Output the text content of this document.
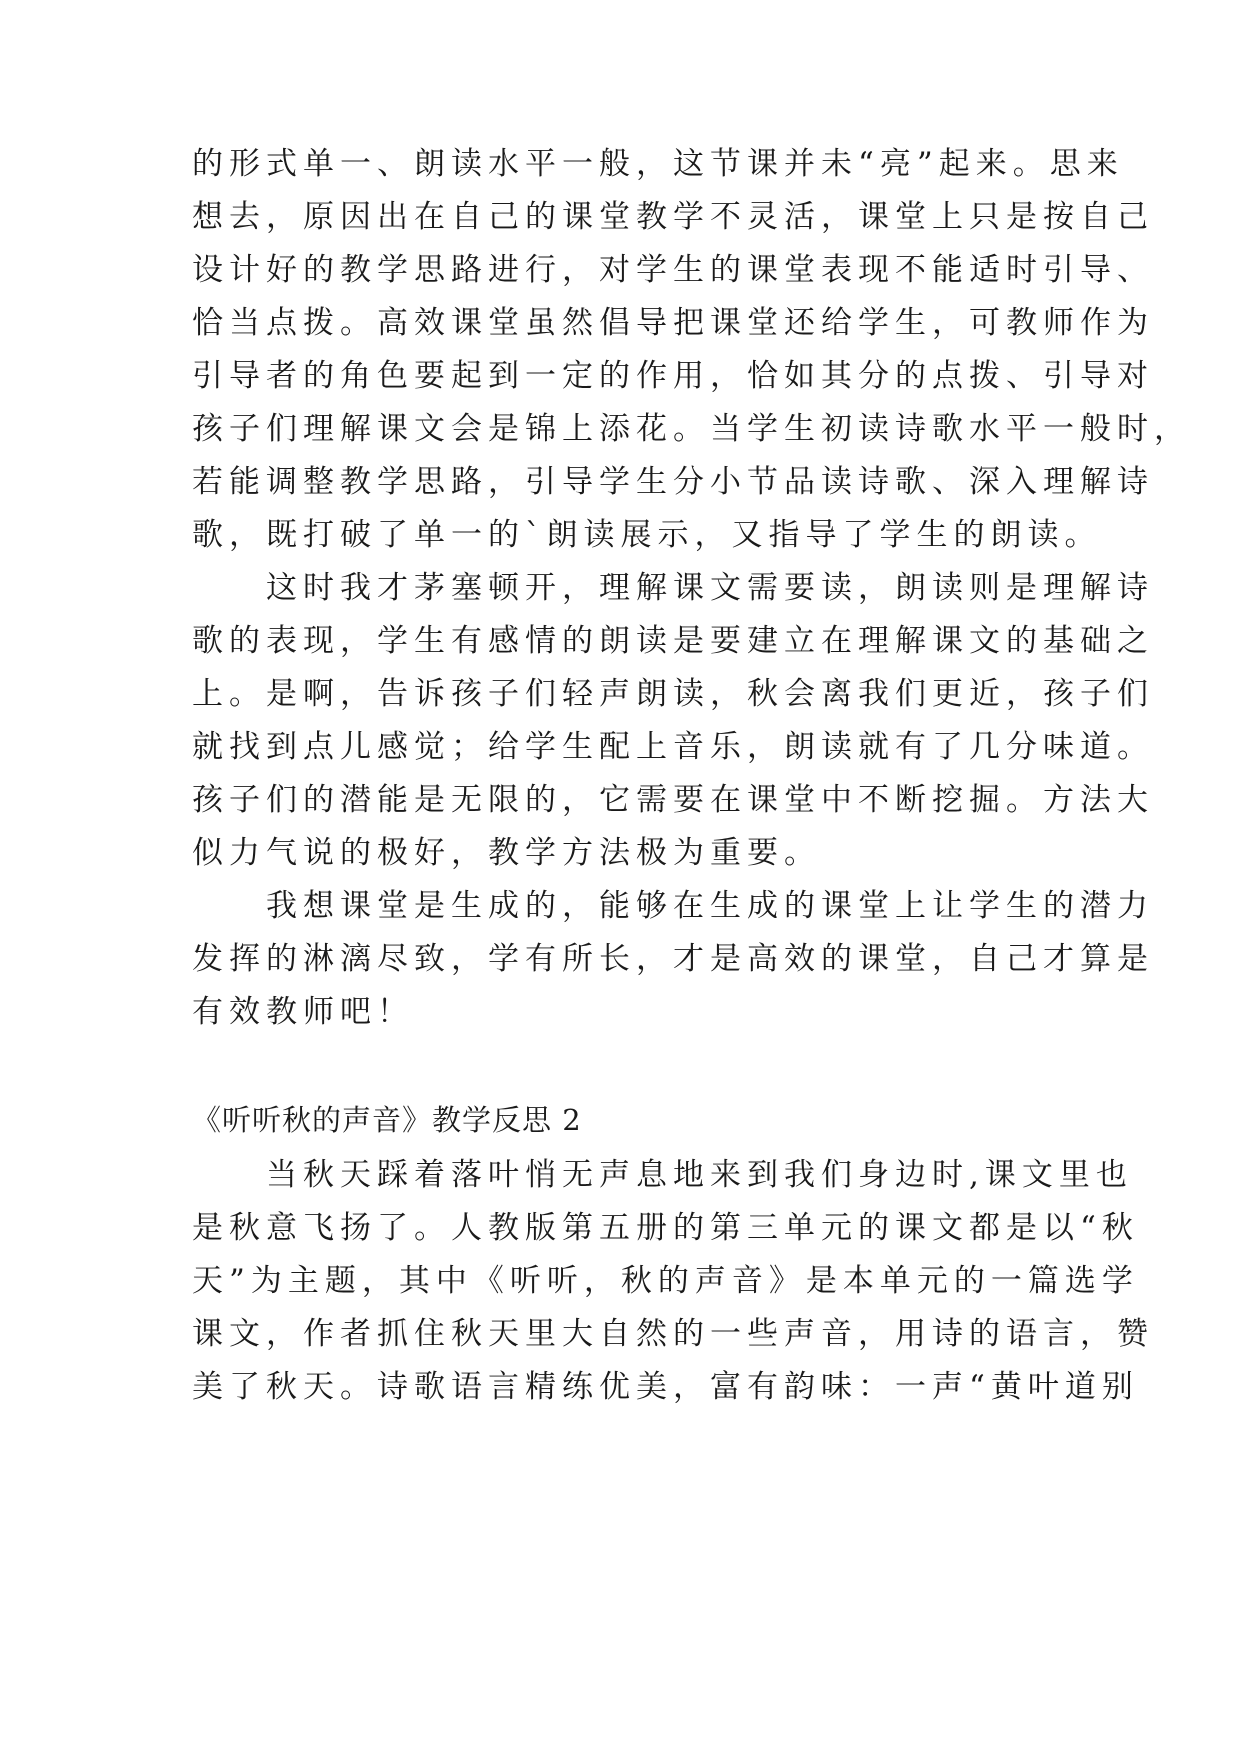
的形式单一、朗读水平一般，这节课并未“亮”起来。思来
想去，原因出在自己的课堂教学不灵活，课堂上只是按自己
设计好的教学思路进行，对学生的课堂表现不能适时引导、
恰当点拨。高效课堂虽然倡导把课堂还给学生，可教师作为
引导者的角色要起到一定的作用，恰如其分的点拨、引导对
孩子们理解课文会是锦上添花。当学生初读诗歌水平一般时，
若能调整教学思路，引导学生分小节品读诗歌、深入理解诗
歌，既打破了单一的`朗读展示，又指导了学生的朗读。
　　这时我才茅塞顿开，理解课文需要读，朗读则是理解诗
歌的表现，学生有感情的朗读是要建立在理解课文的基础之
上。是啊，告诉孩子们轻声朗读，秋会离我们更近，孩子们
就找到点儿感觉；给学生配上音乐，朗读就有了几分味道。
孩子们的潜能是无限的，它需要在课堂中不断挖掘。方法大
似力气说的极好，教学方法极为重要。
　　我想课堂是生成的，能够在生成的课堂上让学生的潜力
发挥的淋漓尽致，学有所长，才是高效的课堂，自己才算是
有效教师吧！
《听听秋的声音》教学反思 2
　　当秋天踩着落叶悄无声息地来到我们身边时,课文里也
是秋意飞扬了。人教版第五册的第三单元的课文都是以“秋
天”为主题，其中《听听，秋的声音》是本单元的一篇选学
课文，作者抓住秋天里大自然的一些声音，用诗的语言，赞
美了秋天。诗歌语言精练优美，富有韵味：一声“黄叶道别
